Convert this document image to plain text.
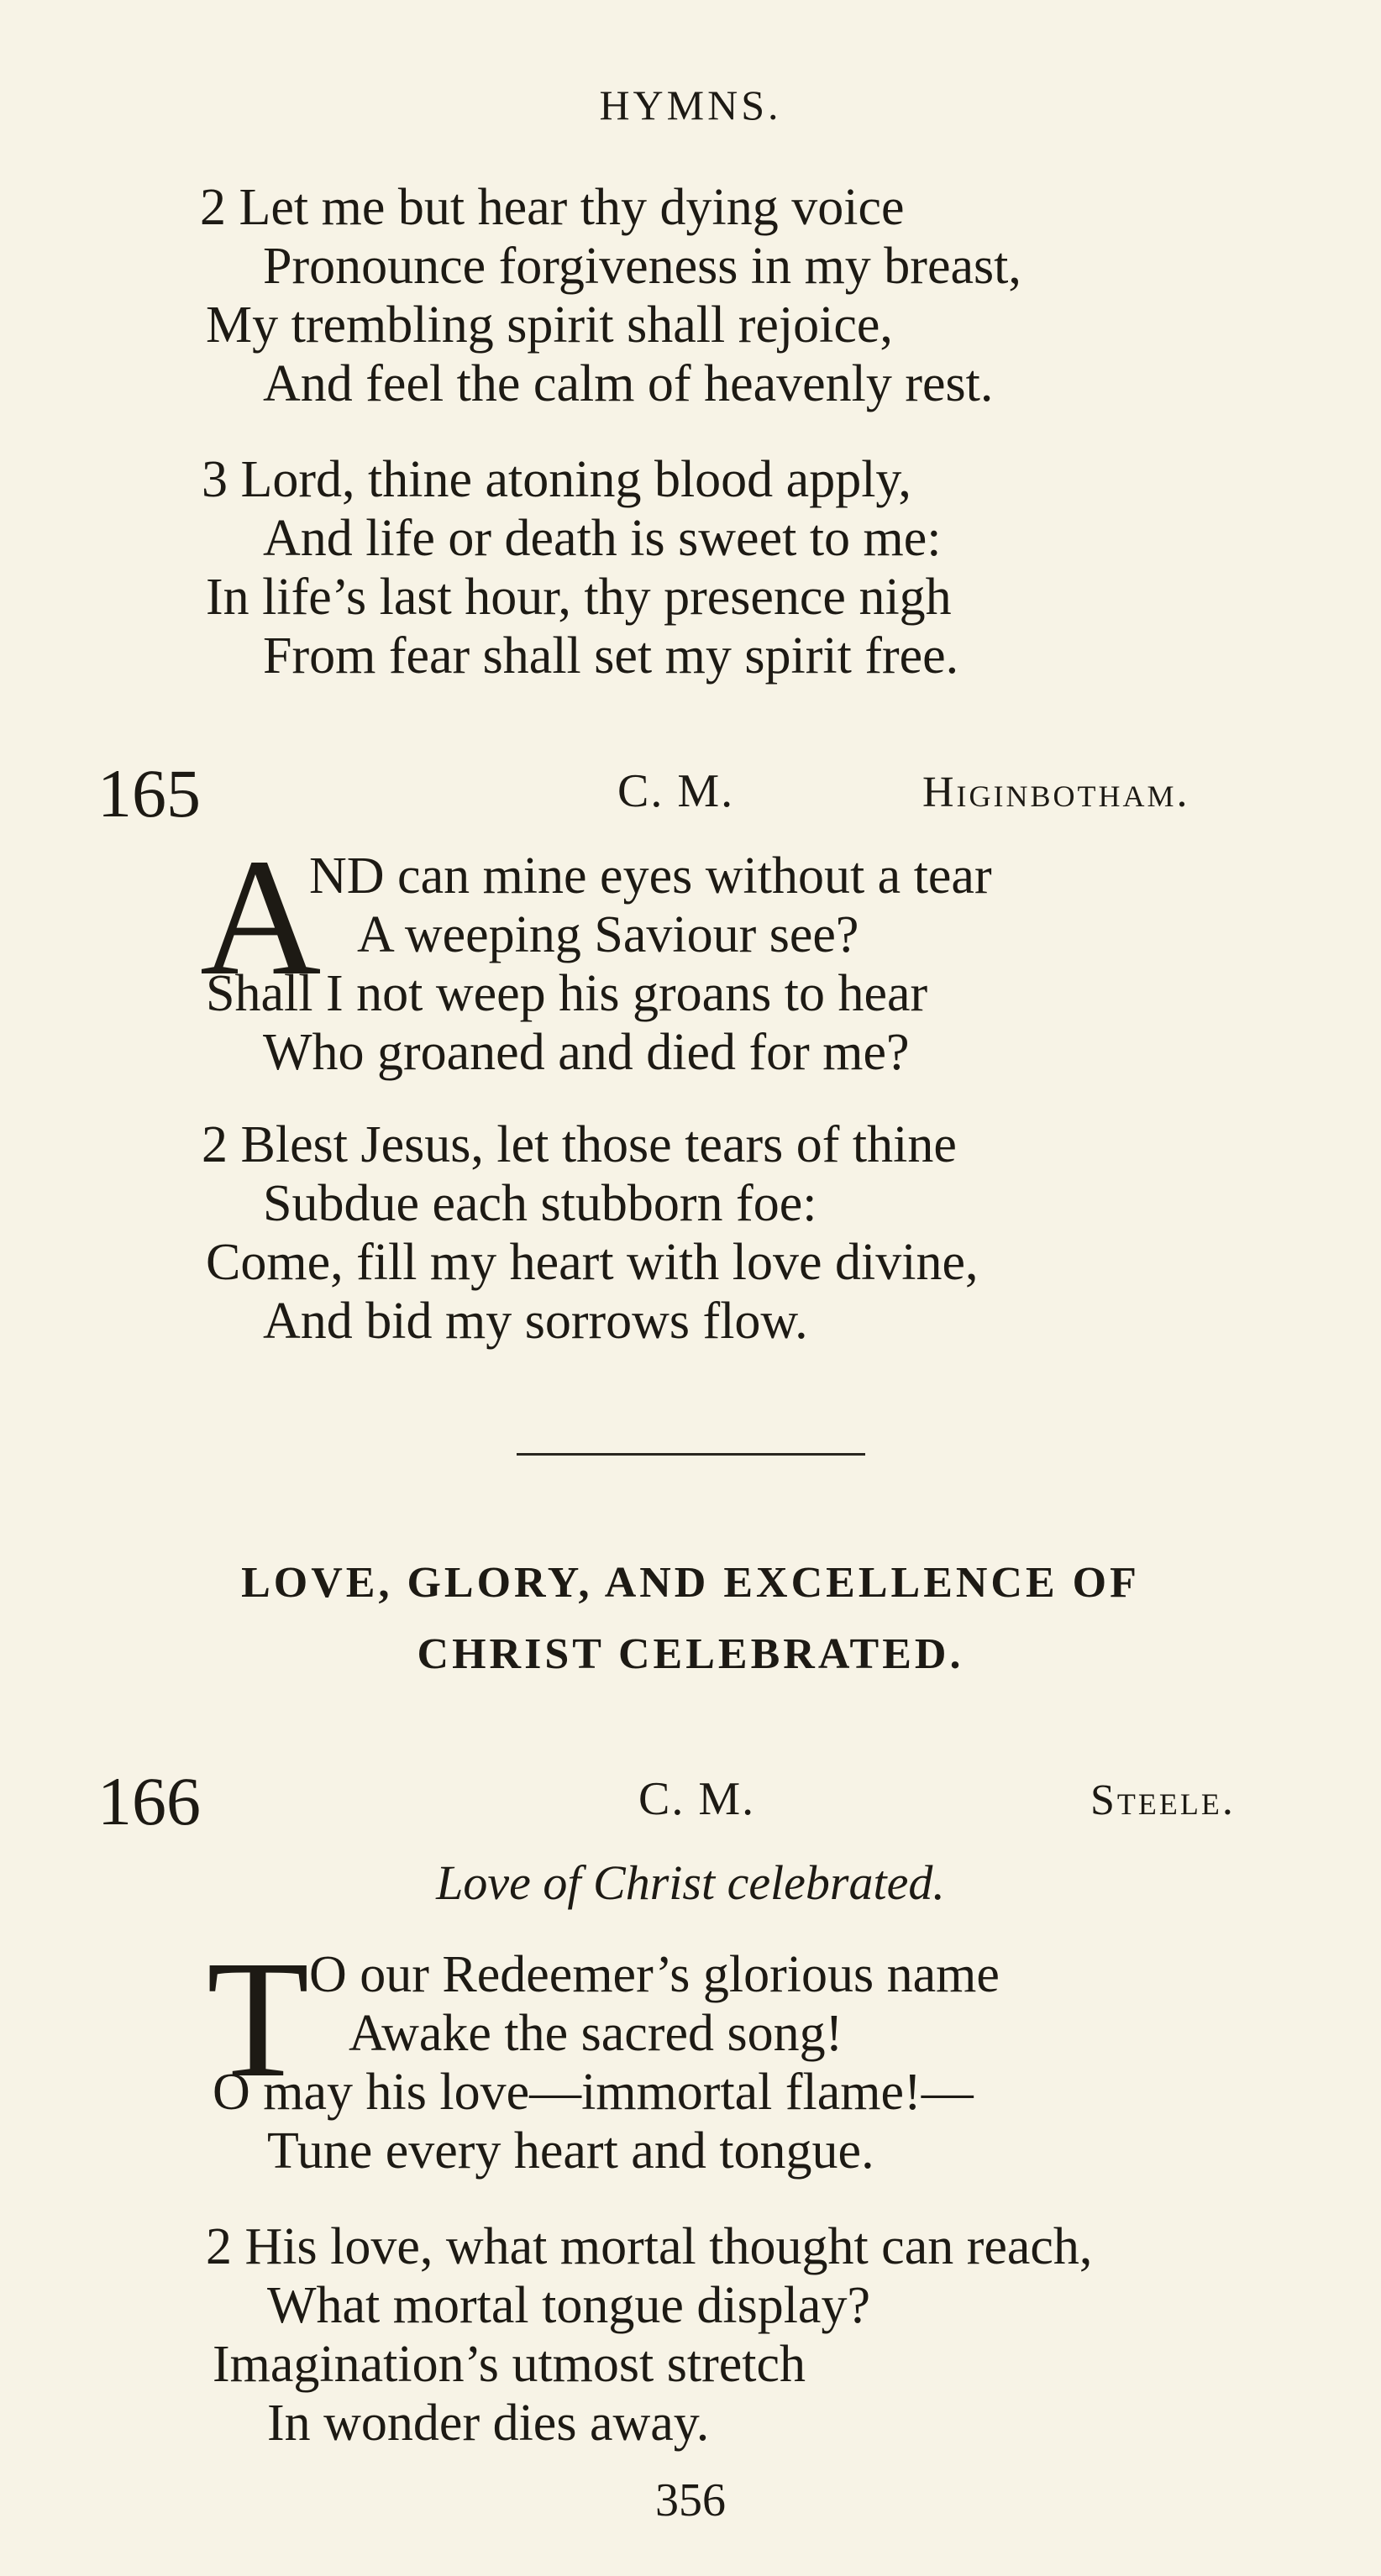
HYMNS.
2 Let me but hear thy dying voice
Pronounce forgiveness in my breast,
My trembling spirit shall rejoice,
And feel the calm of heavenly rest.
3 Lord, thine atoning blood apply,
And life or death is sweet to me:
In life’s last hour, thy presence nigh
From fear shall set my spirit free.
165	C. M.	Higinbotham.
A
ND can mine eyes without a tear
A weeping Saviour see?
Shall I not weep his groans to hear
Who groaned and died for me?
2 Blest Jesus, let those tears of thine
Subdue each stubborn foe:
Come, fill my heart with love divine,
And bid my sorrows flow.
LOVE, GLORY, AND EXCELLENCE OF
CHRIST CELEBRATED.
166	C. M.	Steele.
Love of Christ celebrated.
T O our Redeemer’s glorious name
Awake the sacred song!
O may his love—immortal flame!—
Tune every heart and tongue.
2 His love, what mortal thought can reach,
What mortal tongue display?
Imagination’s utmost stretch
In wonder dies away.
356
